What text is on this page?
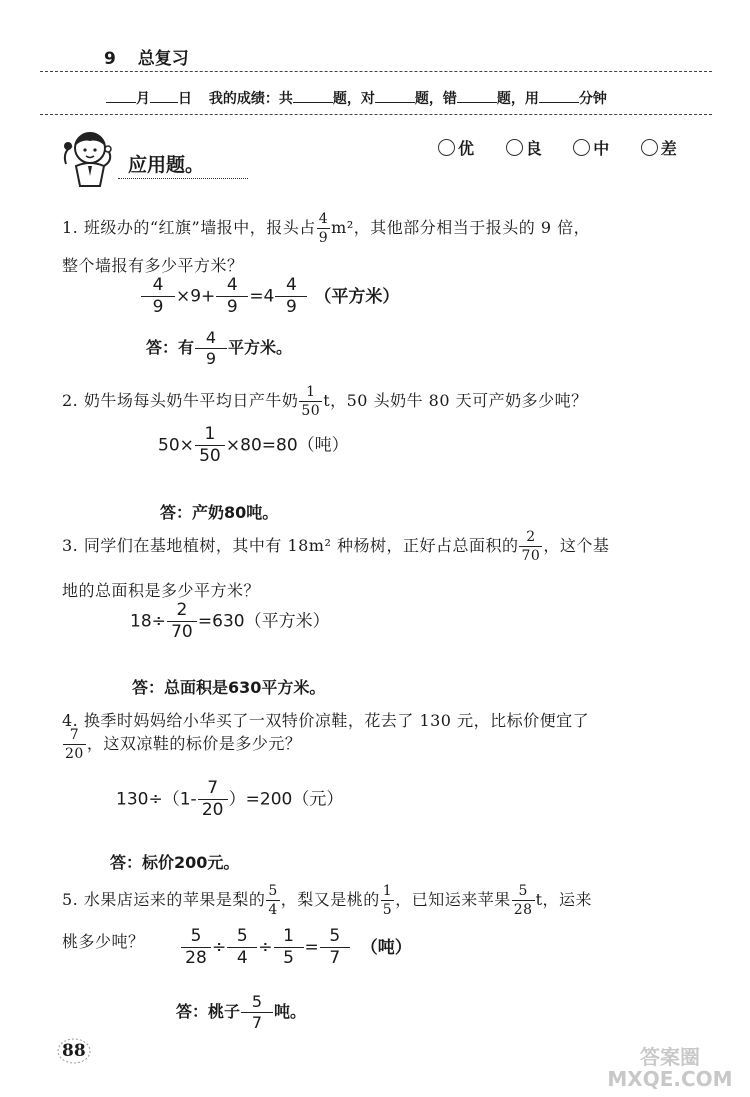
9 总复习
月 日 我的成绩：共	题，对	题，错	题，用	分钟
应用题。
优	良	中	差
1. 班级办的“红旗”墙报中，报头占 $\frac{4}{9} m^2$，其他部分相当于报头的 9 倍，
整个墙报有多少平方米？
$\frac{4}{9} \times 9+ \frac{4}{9} =4 \frac{4}{9}$ （平方米）
答：有 $\frac{4}{9}$ 平方米。
2. 奶牛场每头奶牛平均日产牛奶 $\frac{1}{50}$ t，50 头奶牛 80 天可产奶多少吨？
$50\times \frac{1}{50} \times 80=80$（吨）
答：产奶80吨。
3. 同学们在基地植树，其中有 18m² 种杨树，正好占总面积的 $\frac{2}{70}$ ，这个基
地的总面积是多少平方米？
$18\div \frac{2}{70} =630$（平方米）
答：总面积是630平方米。
4. 换季时妈妈给小华买了一双特价凉鞋，花去了 130 元，比标价便宜了
$\frac{7}{20}$ ，这双凉鞋的标价是多少元？
$130\div(1- \frac{7}{20} )=200$（元）
答：标价200元。
5. 水果店运来的苹果是梨的 $\frac{5}{4}$ ，梨又是桃的 $\frac{1}{5}$ ，已知运来苹果 $\frac{5}{28}$ t，运来
桃多少吨？	$\frac{5}{28} \div \frac{5}{4} \div \frac{1}{5} = \frac{5}{7}$ （吨）
答：桃子 $\frac{5}{7}$ 吨。
88	答案圈 MXQE.COM
